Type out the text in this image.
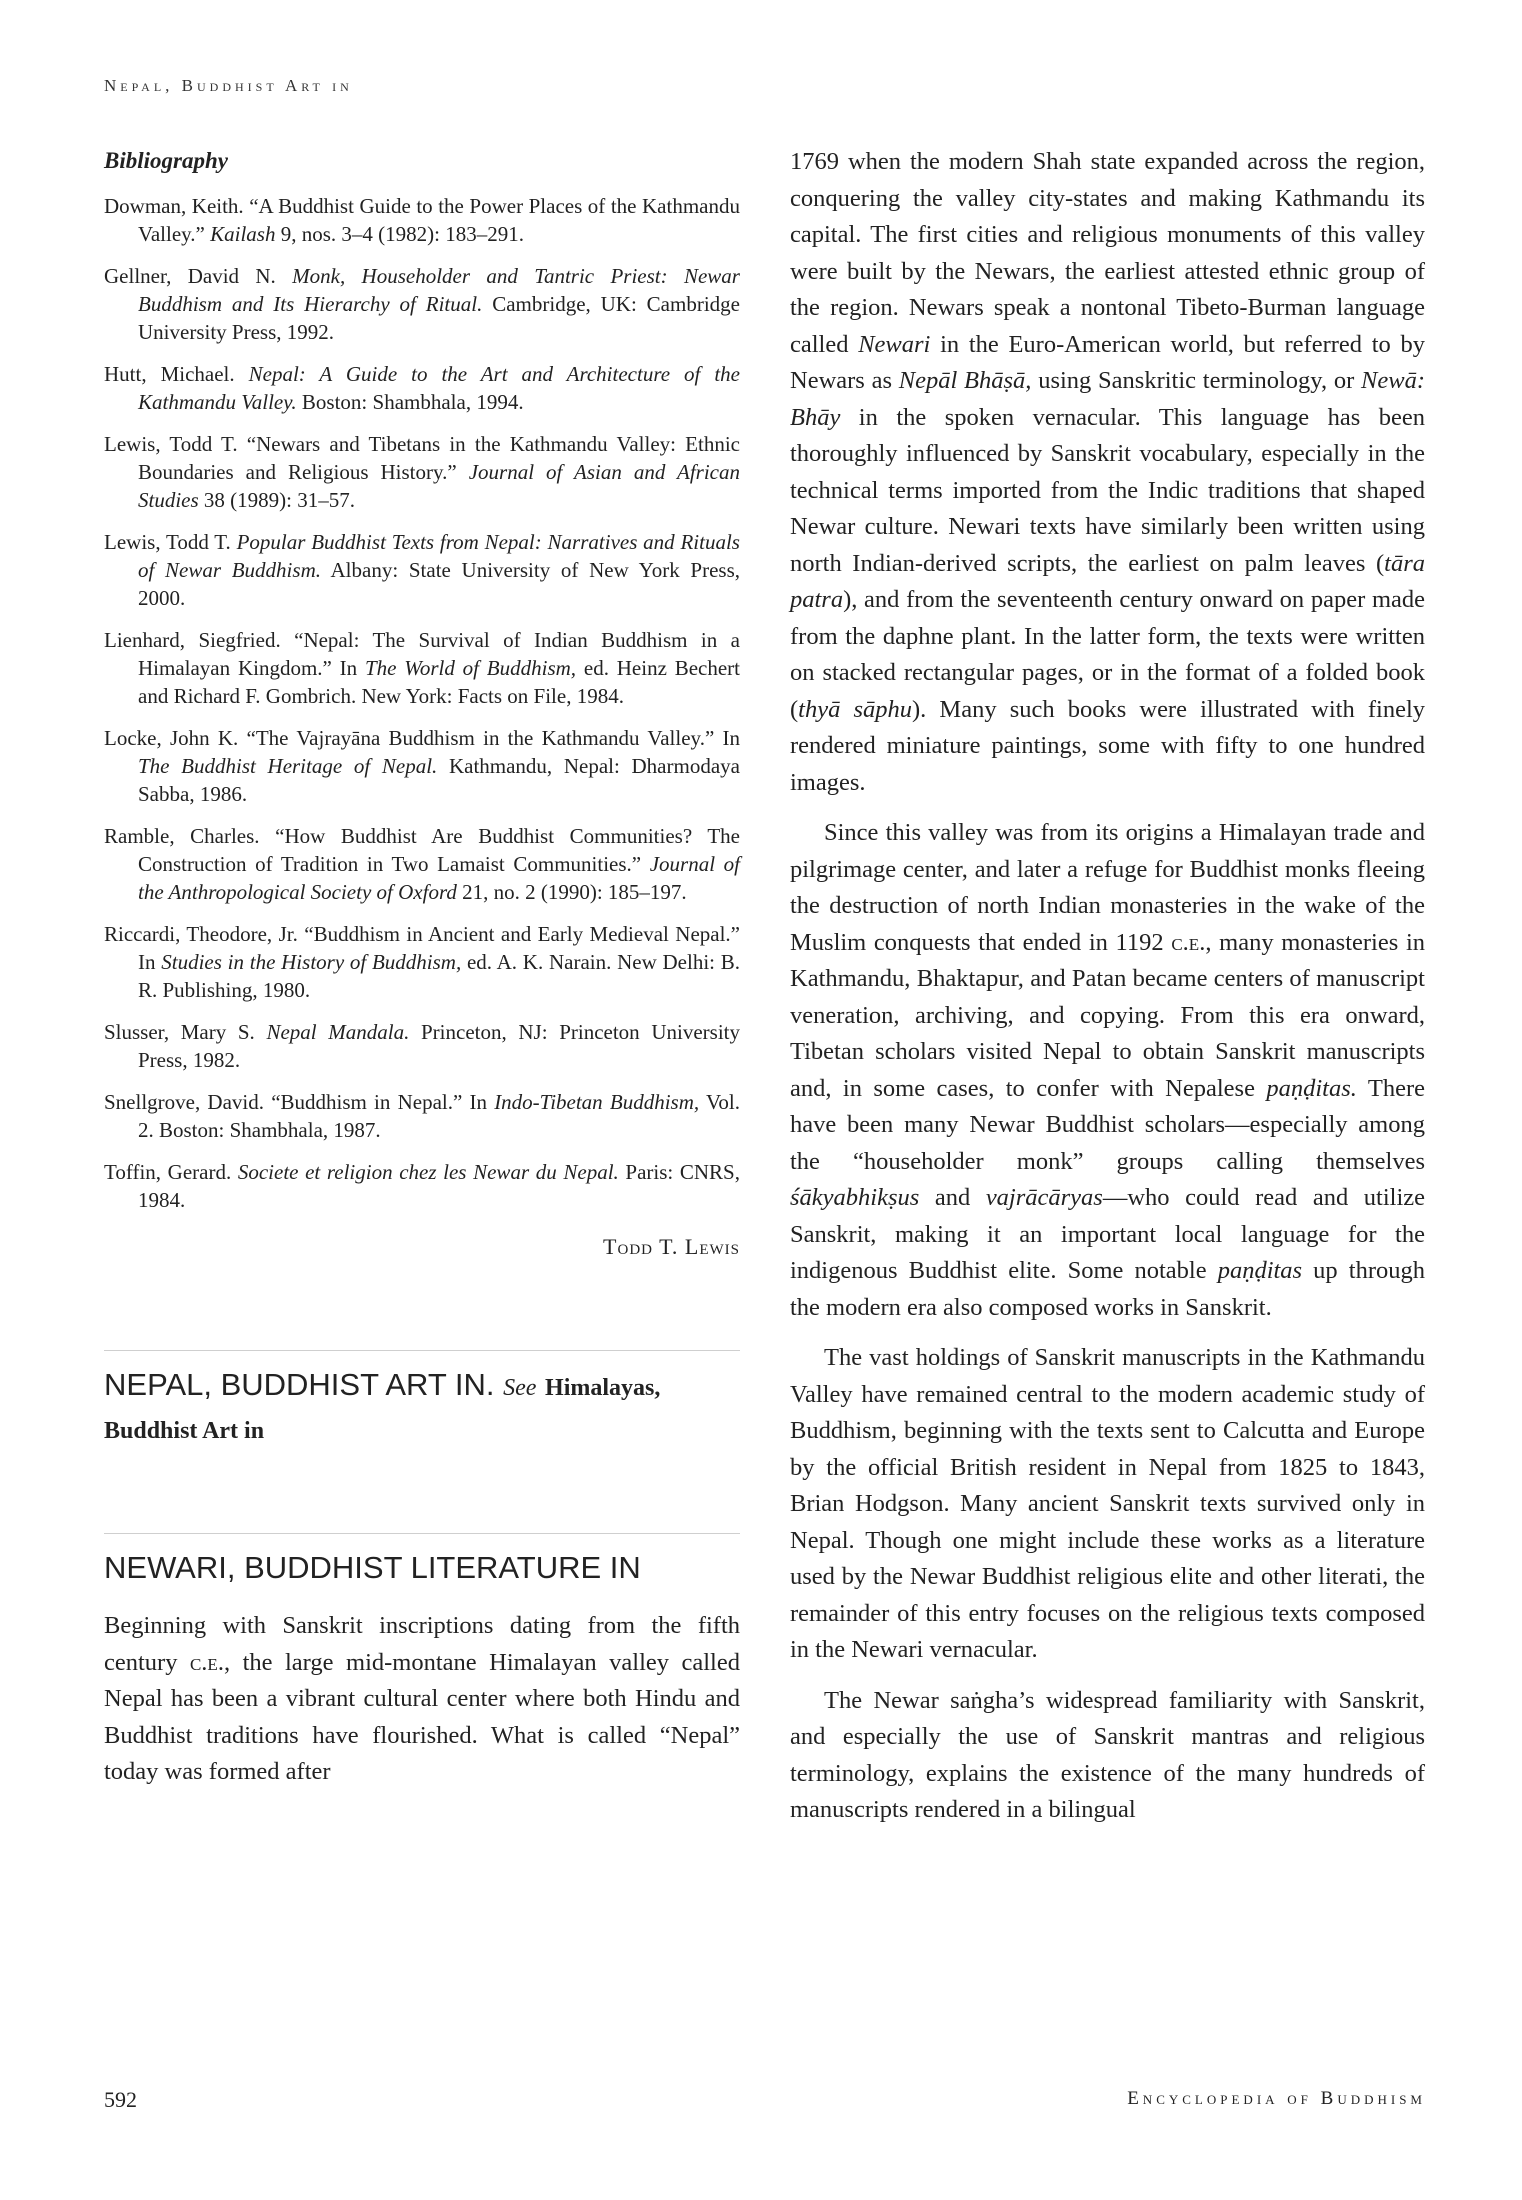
Nepal, Buddhist Art in
Bibliography

Dowman, Keith. “A Buddhist Guide to the Power Places of the Kathmandu Valley.” Kailash 9, nos. 3–4 (1982): 183–291.

Gellner, David N. Monk, Householder and Tantric Priest: Newar Buddhism and Its Hierarchy of Ritual. Cambridge, UK: Cambridge University Press, 1992.

Hutt, Michael. Nepal: A Guide to the Art and Architecture of the Kathmandu Valley. Boston: Shambhala, 1994.

Lewis, Todd T. “Newars and Tibetans in the Kathmandu Valley: Ethnic Boundaries and Religious History.” Journal of Asian and African Studies 38 (1989): 31–57.

Lewis, Todd T. Popular Buddhist Texts from Nepal: Narratives and Rituals of Newar Buddhism. Albany: State University of New York Press, 2000.

Lienhard, Siegfried. “Nepal: The Survival of Indian Buddhism in a Himalayan Kingdom.” In The World of Buddhism, ed. Heinz Bechert and Richard F. Gombrich. New York: Facts on File, 1984.

Locke, John K. “The Vajrayāna Buddhism in the Kathmandu Valley.” In The Buddhist Heritage of Nepal. Kathmandu, Nepal: Dharmodaya Sabba, 1986.

Ramble, Charles. “How Buddhist Are Buddhist Communities? The Construction of Tradition in Two Lamaist Communities.” Journal of the Anthropological Society of Oxford 21, no. 2 (1990): 185–197.

Riccardi, Theodore, Jr. “Buddhism in Ancient and Early Medieval Nepal.” In Studies in the History of Buddhism, ed. A. K. Narain. New Delhi: B. R. Publishing, 1980.

Slusser, Mary S. Nepal Mandala. Princeton, NJ: Princeton University Press, 1982.

Snellgrove, David. “Buddhism in Nepal.” In Indo-Tibetan Buddhism, Vol. 2. Boston: Shambhala, 1987.

Toffin, Gerard. Societe et religion chez les Newar du Nepal. Paris: CNRS, 1984.

Todd T. Lewis
NEPAL, BUDDHIST ART IN. See Himalayas, Buddhist Art in
NEWARI, BUDDHIST LITERATURE IN

Beginning with Sanskrit inscriptions dating from the fifth century c.e., the large mid-montane Himalayan valley called Nepal has been a vibrant cultural center where both Hindu and Buddhist traditions have flourished. What is called “Nepal” today was formed after

1769 when the modern Shah state expanded across the region, conquering the valley city-states and making Kathmandu its capital. The first cities and religious monuments of this valley were built by the Newars, the earliest attested ethnic group of the region. Newars speak a nontonal Tibeto-Burman language called Newari in the Euro-American world, but referred to by Newars as Nepāl Bhāṣā, using Sanskritic terminology, or Newā: Bhāy in the spoken vernacular. This language has been thoroughly influenced by Sanskrit vocabulary, especially in the technical terms imported from the Indic traditions that shaped Newar culture. Newari texts have similarly been written using north Indian-derived scripts, the earliest on palm leaves (tāra patra), and from the seventeenth century onward on paper made from the daphne plant. In the latter form, the texts were written on stacked rectangular pages, or in the format of a folded book (thyā sāphu). Many such books were illustrated with finely rendered miniature paintings, some with fifty to one hundred images.

Since this valley was from its origins a Himalayan trade and pilgrimage center, and later a refuge for Buddhist monks fleeing the destruction of north Indian monasteries in the wake of the Muslim conquests that ended in 1192 c.e., many monasteries in Kathmandu, Bhaktapur, and Patan became centers of manuscript veneration, archiving, and copying. From this era onward, Tibetan scholars visited Nepal to obtain Sanskrit manuscripts and, in some cases, to confer with Nepalese paṇḍitas. There have been many Newar Buddhist scholars—especially among the “householder monk” groups calling themselves śākyabhikṣus and vajrācāryas—who could read and utilize Sanskrit, making it an important local language for the indigenous Buddhist elite. Some notable paṇḍitas up through the modern era also composed works in Sanskrit.

The vast holdings of Sanskrit manuscripts in the Kathmandu Valley have remained central to the modern academic study of Buddhism, beginning with the texts sent to Calcutta and Europe by the official British resident in Nepal from 1825 to 1843, Brian Hodgson. Many ancient Sanskrit texts survived only in Nepal. Though one might include these works as a literature used by the Newar Buddhist religious elite and other literati, the remainder of this entry focuses on the religious texts composed in the Newari vernacular.

The Newar saṅgha’s widespread familiarity with Sanskrit, and especially the use of Sanskrit mantras and religious terminology, explains the existence of the many hundreds of manuscripts rendered in a bilingual

592	Encyclopedia of Buddhism
